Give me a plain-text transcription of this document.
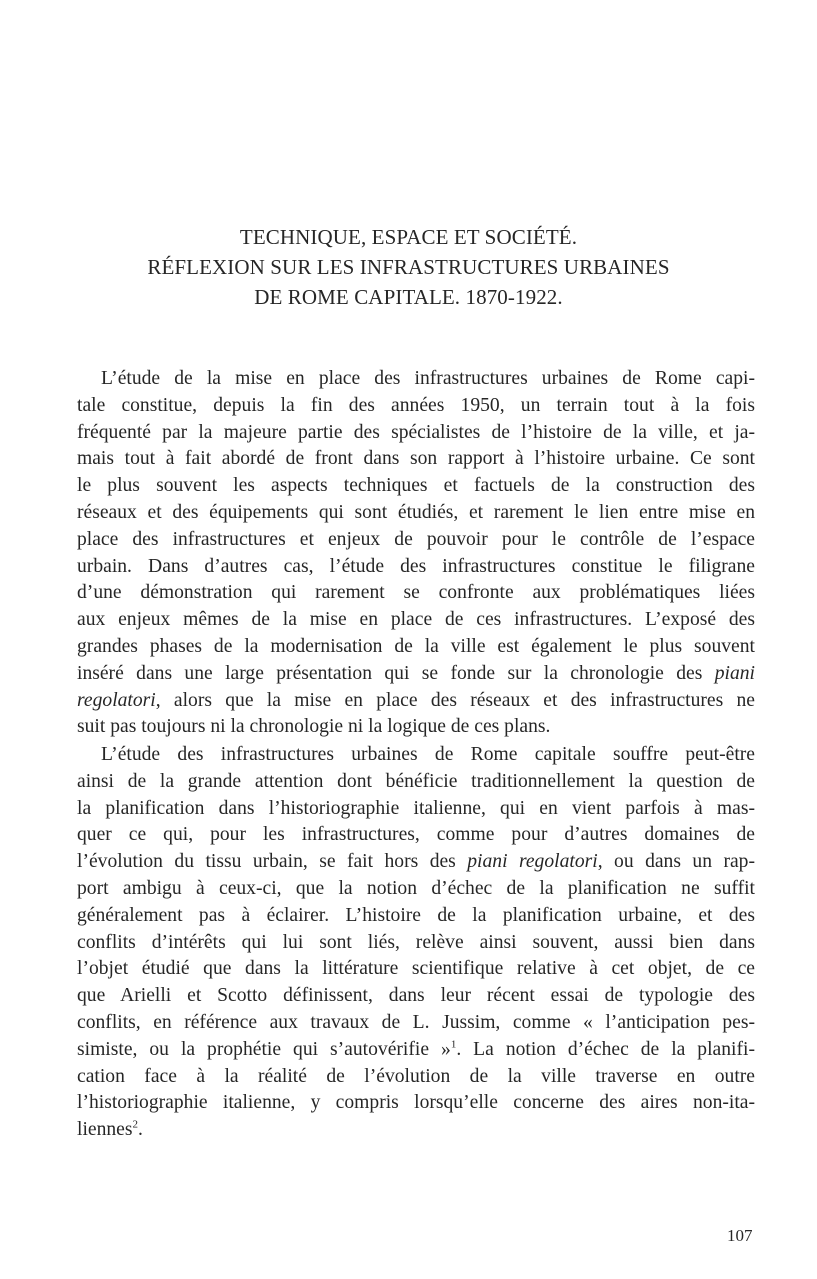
TECHNIQUE, ESPACE ET SOCIÉTÉ.
RÉFLEXION SUR LES INFRASTRUCTURES URBAINES
DE ROME CAPITALE. 1870-1922.
L’étude de la mise en place des infrastructures urbaines de Rome capi-
tale constitue, depuis la fin des années 1950, un terrain tout à la fois
fréquenté par la majeure partie des spécialistes de l’histoire de la ville, et ja-
mais tout à fait abordé de front dans son rapport à l’histoire urbaine. Ce sont
le plus souvent les aspects techniques et factuels de la construction des
réseaux et des équipements qui sont étudiés, et rarement le lien entre mise en
place des infrastructures et enjeux de pouvoir pour le contrôle de l’espace
urbain. Dans d’autres cas, l’étude des infrastructures constitue le filigrane
d’une démonstration qui rarement se confronte aux problématiques liées
aux enjeux mêmes de la mise en place de ces infrastructures. L’exposé des
grandes phases de la modernisation de la ville est également le plus souvent
inséré dans une large présentation qui se fonde sur la chronologie des piani
regolatori, alors que la mise en place des réseaux et des infrastructures ne
suit pas toujours ni la chronologie ni la logique de ces plans.
L’étude des infrastructures urbaines de Rome capitale souffre peut-être
ainsi de la grande attention dont bénéficie traditionnellement la question de
la planification dans l’historiographie italienne, qui en vient parfois à mas-
quer ce qui, pour les infrastructures, comme pour d’autres domaines de
l’évolution du tissu urbain, se fait hors des piani regolatori, ou dans un rap-
port ambigu à ceux-ci, que la notion d’échec de la planification ne suffit
généralement pas à éclairer. L’histoire de la planification urbaine, et des
conflits d’intérêts qui lui sont liés, relève ainsi souvent, aussi bien dans
l’objet étudié que dans la littérature scientifique relative à cet objet, de ce
que Arielli et Scotto définissent, dans leur récent essai de typologie des
conflits, en référence aux travaux de L. Jussim, comme « l’anticipation pes-
simiste, ou la prophétie qui s’autovérifie »$^1$. La notion d’échec de la planifi-
cation face à la réalité de l’évolution de la ville traverse en outre
l’historiographie italienne, y compris lorsqu’elle concerne des aires non-ita-
liennes$^2$.
107
